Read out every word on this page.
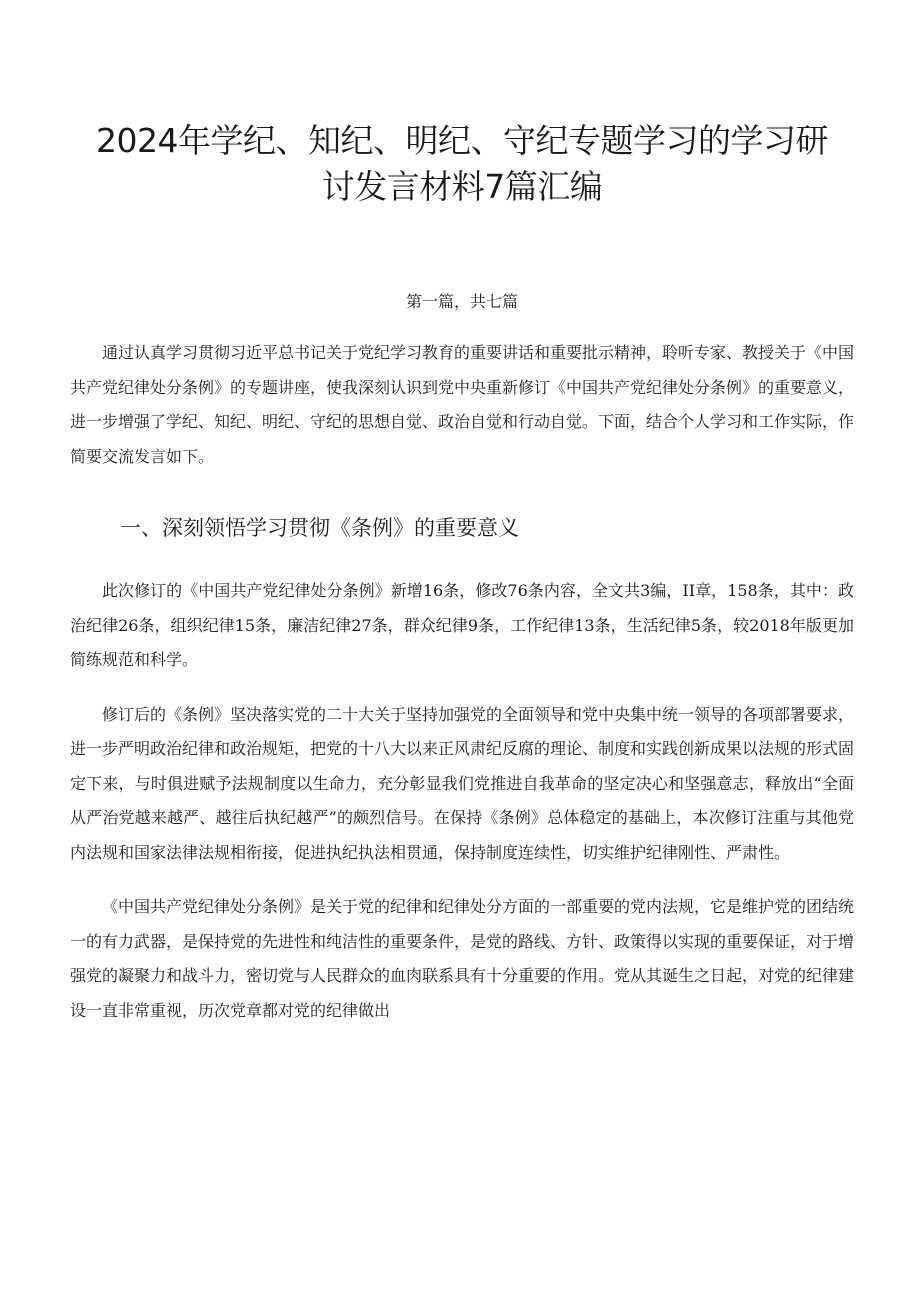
2024年学纪、知纪、明纪、守纪专题学习的学习研讨发言材料7篇汇编
第一篇，共七篇

通过认真学习贯彻习近平总书记关于党纪学习教育的重要讲话和重要批示精神，聆听专家、教授关于《中国共产党纪律处分条例》的专题讲座，使我深刻认识到党中央重新修订《中国共产党纪律处分条例》的重要意义，进一步增强了学纪、知纪、明纪、守纪的思想自觉、政治自觉和行动自觉。下面，结合个人学习和工作实际，作简要交流发言如下。

一、深刻领悟学习贯彻《条例》的重要意义

此次修订的《中国共产党纪律处分条例》新增16条，修改76条内容，全文共3编，II章，158条，其中：政治纪律26条，组织纪律15条，廉洁纪律27条，群众纪律9条，工作纪律13条，生活纪律5条，较2018年版更加简练规范和科学。

修订后的《条例》坚决落实党的二十大关于坚持加强党的全面领导和党中央集中统一领导的各项部署要求，进一步严明政治纪律和政治规矩，把党的十八大以来正风肃纪反腐的理论、制度和实践创新成果以法规的形式固定下来，与时俱进赋予法规制度以生命力，充分彰显我们党推进自我革命的坚定决心和坚强意志，释放出“全面从严治党越来越严、越往后执纪越严”的颇烈信号。在保持《条例》总体稳定的基础上，本次修订注重与其他党内法规和国家法律法规相衔接，促进执纪执法相贯通，保持制度连续性，切实维护纪律刚性、严肃性。

《中国共产党纪律处分条例》是关于党的纪律和纪律处分方面的一部重要的党内法规，它是维护党的团结统一的有力武器，是保持党的先进性和纯洁性的重要条件，是党的路线、方针、政策得以实现的重要保证，对于增强党的凝聚力和战斗力，密切党与人民群众的血肉联系具有十分重要的作用。党从其诞生之日起，对党的纪律建设一直非常重视，历次党章都对党的纪律做出
